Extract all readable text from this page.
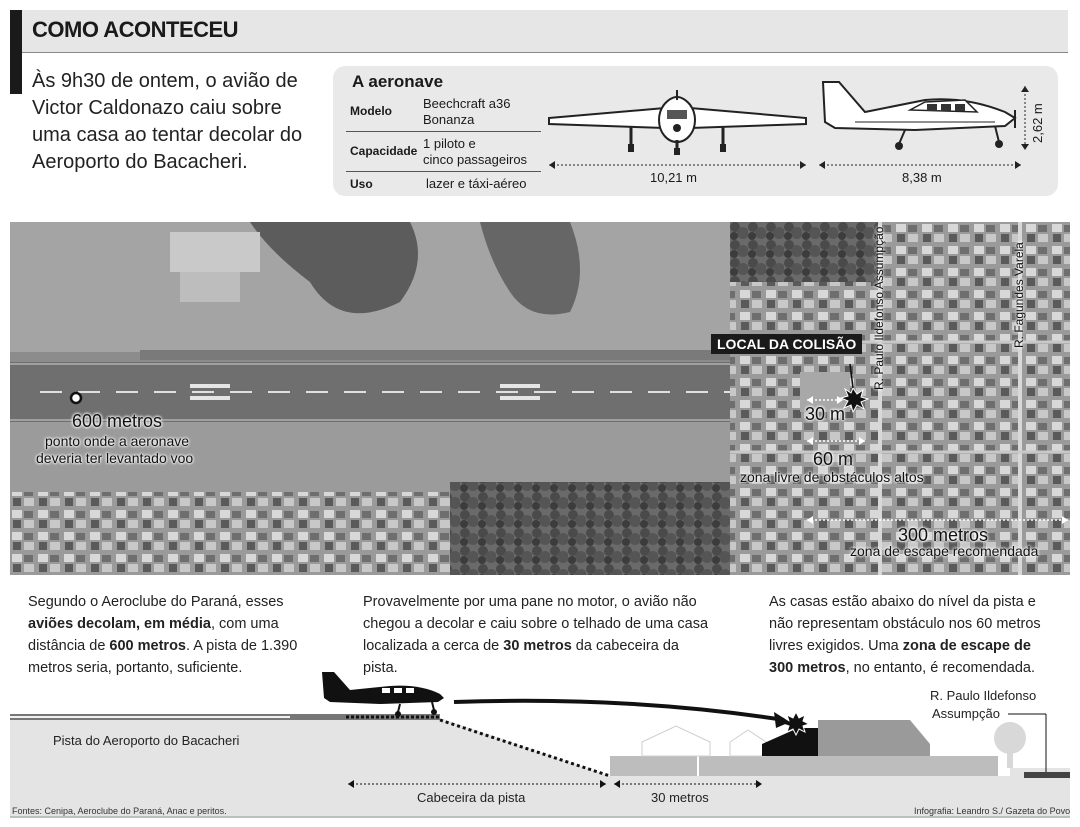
COMO ACONTECEU
Às 9h30 de ontem, o avião de Victor Caldonazo caiu sobre uma casa ao tentar decolar do Aeroporto do Bacacheri.
A aeronave
Modelo Beechcraft a36
Bonanza
Capacidade 1 piloto e
cinco passageiros
Uso	lazer e táxi-aéreo	10,21 m	8,38 m
2,62 m
LOCAL DA COLISÃO	R. Paulo Ildefonso Assumpção	R. Fagundes Varela
600 metros
ponto onde a aeronave
deveria ter levantado voo
30 m
60 m
zona livre de obstáculos altos
300 metros
zona de escape recomendada
Segundo o Aeroclube do Paraná, esses aviões decolam, em média, com uma distância de 600 metros. A pista de 1.390 metros seria, portanto, suficiente.
Provavelmente por uma pane no motor, o avião não chegou a decolar e caiu sobre o telhado de uma casa localizada a cerca de 30 metros da cabeceira da pista.
As casas estão abaixo do nível da pista e não representam obstáculo nos 60 metros livres exigidos. Uma zona de escape de 300 metros, no entanto, é recomendada.
Pista do Aeroporto do Bacacheri
R. Paulo Ildefonso
Assumpção
Cabeceira da pista	30 metros
Fontes: Cenipa, Aeroclube do Paraná, Anac e peritos.	Infografia: Leandro S./ Gazeta do Povo
